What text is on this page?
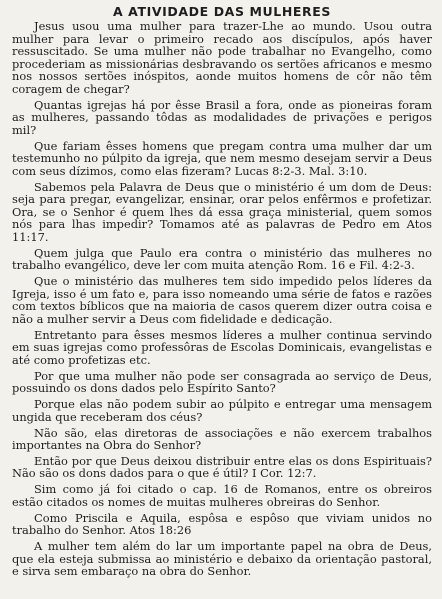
A ATIVIDADE DAS MULHERES

Jesus usou uma mulher para trazer-Lhe ao mundo. Usou outra mulher para levar o primeiro recado aos discípulos, após haver ressuscitado. Se uma mulher não pode trabalhar no Evangelho, como procederiam as missionárias desbravando os sertões africanos e mesmo nos nossos sertões inóspitos, aonde muitos homens de côr não têm coragem de chegar?

Quantas igrejas há por êsse Brasil a fora, onde as pioneiras foram as mulheres, passando tôdas as modalidades de privações e perigos mil?

Que fariam êsses homens que pregam contra uma mulher dar um testemunho no púlpito da igreja, que nem mesmo desejam servir a Deus com seus dízimos, como elas fizeram? Lucas 8:2-3. Mal. 3:10.

Sabemos pela Palavra de Deus que o ministério é um dom de Deus: seja para pregar, evangelizar, ensinar, orar pelos enfêrmos e profetizar. Ora, se o Senhor é quem lhes dá essa graça ministerial, quem somos nós para lhas impedir? Tomamos até as palavras de Pedro em Atos 11:17.

Quem julga que Paulo era contra o ministério das mulheres no trabalho evangélico, deve ler com muita atenção Rom. 16 e Fil. 4:2-3.

Que o ministério das mulheres tem sido impedido pelos líderes da Igreja, isso é um fato e, para isso nomeando uma série de fatos e razões com textos bíblicos que na maioria de casos querem dizer outra coisa e não a mulher servir a Deus com fidelidade e dedicação.

Entretanto para êsses mesmos líderes a mulher continua servindo em suas igrejas como professôras de Escolas Dominicais, evangelistas e até como profetizas etc.

Por que uma mulher não pode ser consagrada ao serviço de Deus, possuindo os dons dados pelo Espírito Santo?

Porque elas não podem subir ao púlpito e entregar uma mensagem ungida que receberam dos céus?

Não são, elas diretoras de associações e não exercem trabalhos importantes na Obra do Senhor?

Então por que Deus deixou distribuir entre elas os dons Espirituais? Não são os dons dados para o que é útil? I Cor. 12:7.

Sim como já foi citado o cap. 16 de Romanos, entre os obreiros estão citados os nomes de muitas mulheres obreiras do Senhor.

Como Priscila e Aquila, espôsa e espôso que viviam unidos no trabalho do Senhor. Atos 18:26

A mulher tem além do lar um importante papel na obra de Deus, que ela esteja submissa ao ministério e debaixo da orientação pastoral, e sirva sem embaraço na obra do Senhor.
